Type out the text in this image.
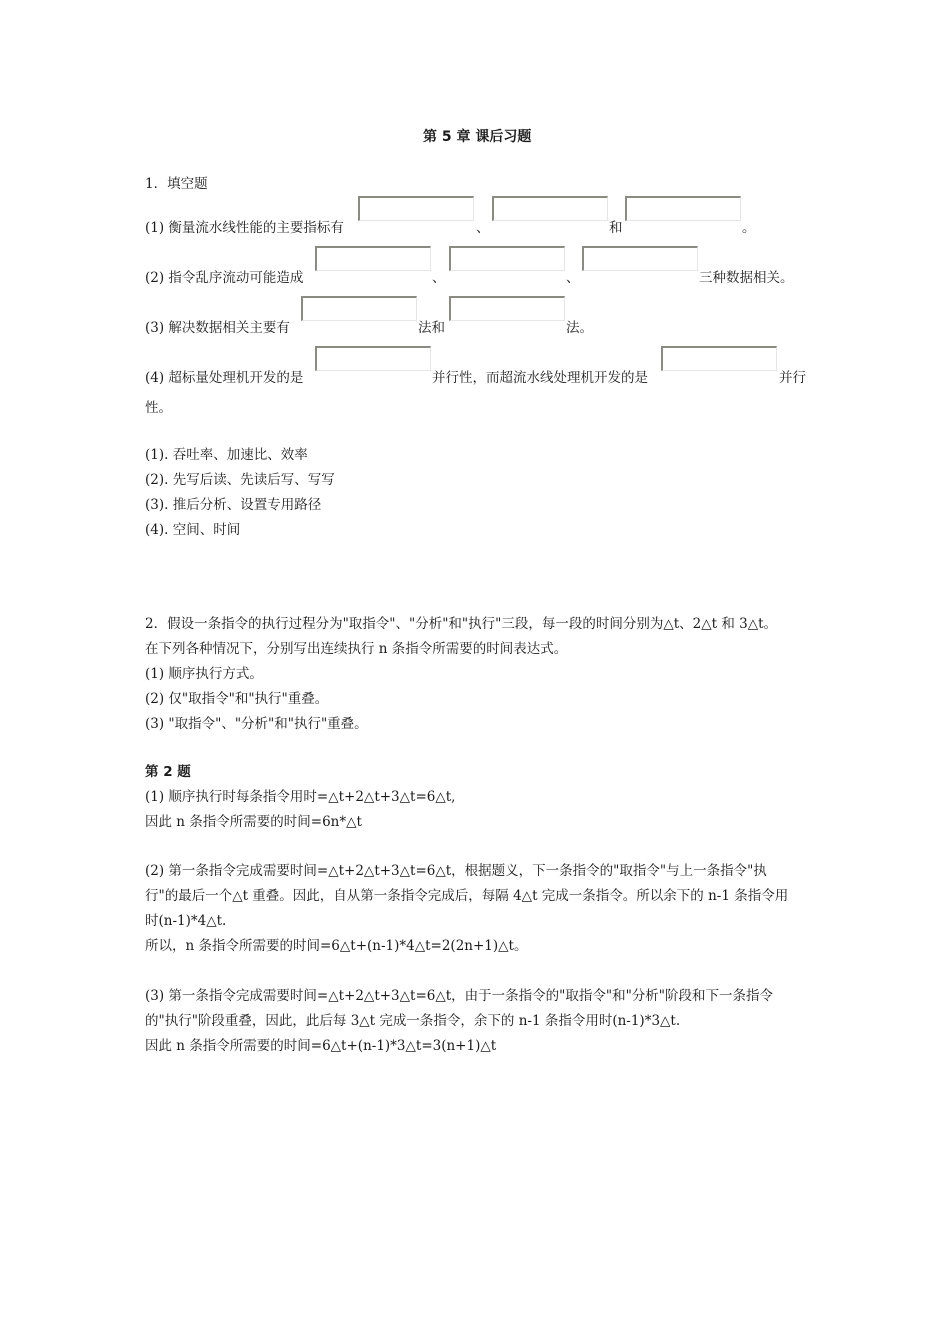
第 5 章 课后习题
1．填空题
(1) 衡量流水线性能的主要指标有	、	和	。
(2) 指令乱序流动可能造成	、	、	三种数据相关。
(3) 解决数据相关主要有	法和	法。
(4) 超标量处理机开发的是	并行性，而超流水线处理机开发的是	并行
性。
(1). 吞吐率、加速比、效率
(2). 先写后读、先读后写、写写
(3). 推后分析、设置专用路径
(4). 空间、时间
2．假设一条指令的执行过程分为"取指令"、"分析"和"执行"三段，每一段的时间分别为△t、2△t 和 3△t。
在下列各种情况下，分别写出连续执行 n 条指令所需要的时间表达式。
(1) 顺序执行方式。
(2) 仅"取指令"和"执行"重叠。
(3) "取指令"、"分析"和"执行"重叠。
第 2 题
(1) 顺序执行时每条指令用时=△t+2△t+3△t=6△t,
因此 n 条指令所需要的时间=6n*△t
(2) 第一条指令完成需要时间=△t+2△t+3△t=6△t，根据题义，下一条指令的"取指令"与上一条指令"执
行"的最后一个△t 重叠。因此，自从第一条指令完成后，每隔 4△t 完成一条指令。所以余下的 n-1 条指令用
时(n-1)*4△t.
所以，n 条指令所需要的时间=6△t+(n-1)*4△t=2(2n+1)△t。
(3) 第一条指令完成需要时间=△t+2△t+3△t=6△t，由于一条指令的"取指令"和"分析"阶段和下一条指令
的"执行"阶段重叠，因此，此后每 3△t 完成一条指令，余下的 n-1 条指令用时(n-1)*3△t.
因此 n 条指令所需要的时间=6△t+(n-1)*3△t=3(n+1)△t
